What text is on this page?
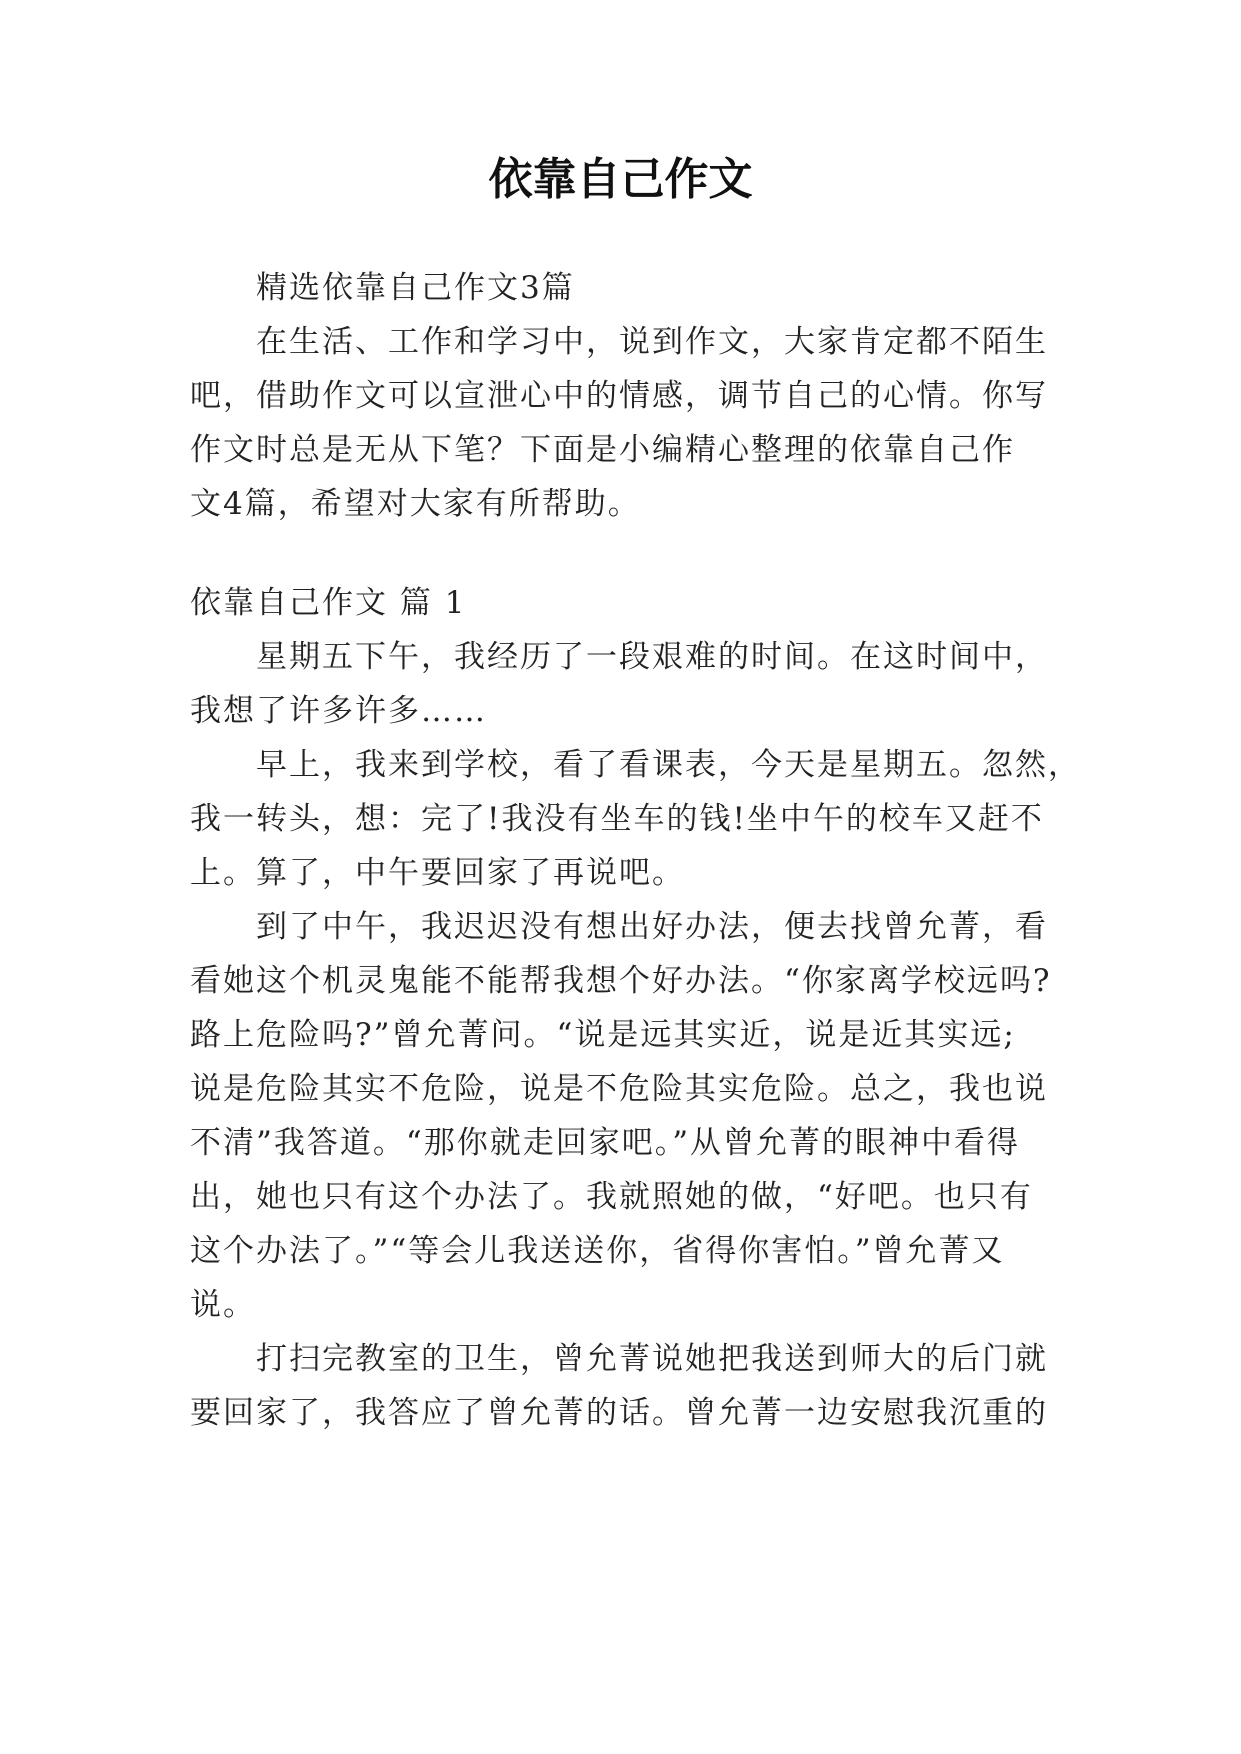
依靠自己作文
精选依靠自己作文3篇
在生活、工作和学习中，说到作文，大家肯定都不陌生
吧，借助作文可以宣泄心中的情感，调节自己的心情。你写
作文时总是无从下笔？下面是小编精心整理的依靠自己作
文4篇，希望对大家有所帮助。
依靠自己作文 篇 1
星期五下午，我经历了一段艰难的时间。在这时间中，
我想了许多许多……
早上，我来到学校，看了看课表，今天是星期五。忽然，
我一转头，想：完了!我没有坐车的钱!坐中午的校车又赶不
上。算了，中午要回家了再说吧。
到了中午，我迟迟没有想出好办法，便去找曾允菁，看
看她这个机灵鬼能不能帮我想个好办法。“你家离学校远吗?
路上危险吗?”曾允菁问。“说是远其实近，说是近其实远;
说是危险其实不危险，说是不危险其实危险。总之，我也说
不清”我答道。“那你就走回家吧。”从曾允菁的眼神中看得
出，她也只有这个办法了。我就照她的做，“好吧。也只有
这个办法了。”“等会儿我送送你，省得你害怕。”曾允菁又
说。
打扫完教室的卫生，曾允菁说她把我送到师大的后门就
要回家了，我答应了曾允菁的话。曾允菁一边安慰我沉重的
